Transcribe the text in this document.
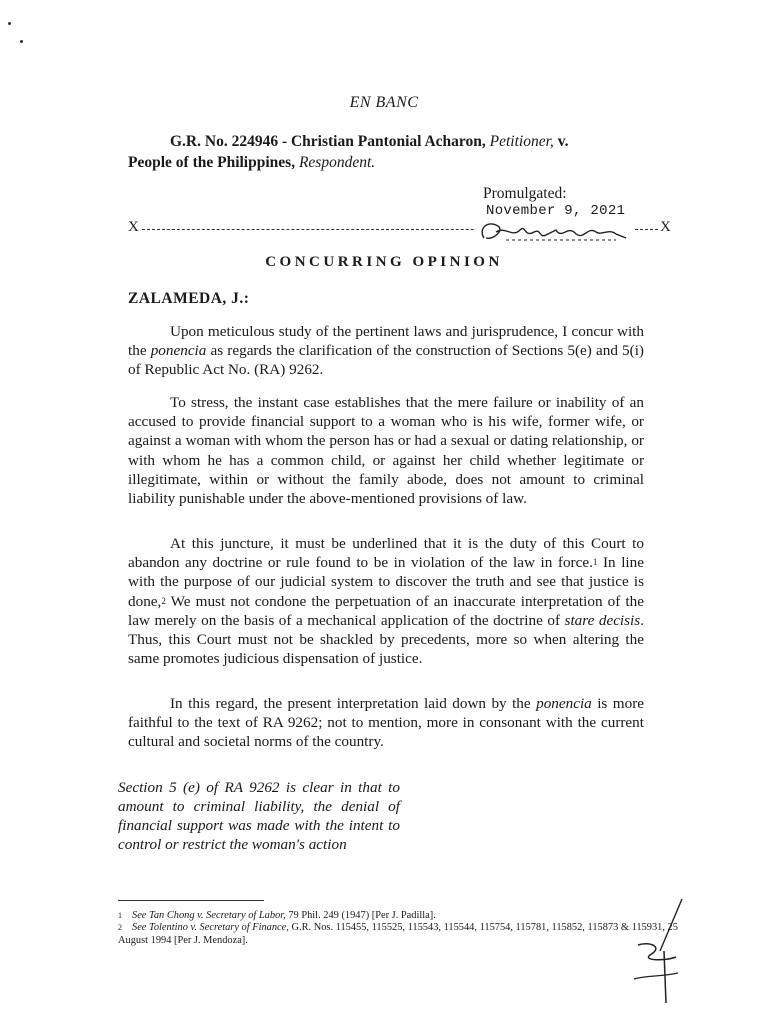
EN BANC
G.R. No. 224946 - Christian Pantonial Acharon, Petitioner, v.
People of the Philippines, Respondent.
Promulgated:
November 9, 2021
X	X
CONCURRING OPINION
ZALAMEDA, J.:
Upon meticulous study of the pertinent laws and jurisprudence, I concur with the ponencia as regards the clarification of the construction of Sections 5(e) and 5(i) of Republic Act No. (RA) 9262.
To stress, the instant case establishes that the mere failure or inability of an accused to provide financial support to a woman who is his wife, former wife, or against a woman with whom the person has or had a sexual or dating relationship, or with whom he has a common child, or against her child whether legitimate or illegitimate, within or without the family abode, does not amount to criminal liability punishable under the above-mentioned provisions of law.
At this juncture, it must be underlined that it is the duty of this Court to abandon any doctrine or rule found to be in violation of the law in force.$^1$ In line with the purpose of our judicial system to discover the truth and see that justice is done,$^2$ We must not condone the perpetuation of an inaccurate interpretation of the law merely on the basis of a mechanical application of the doctrine of stare decisis. Thus, this Court must not be shackled by precedents, more so when altering the same promotes judicious dispensation of justice.
In this regard, the present interpretation laid down by the ponencia is more faithful to the text of RA 9262; not to mention, more in consonant with the current cultural and societal norms of the country.
Section 5 (e) of RA 9262 is clear in that to amount to criminal liability, the denial of financial support was made with the intent to control or restrict the woman's action
$^1$ See Tan Chong v. Secretary of Labor, 79 Phil. 249 (1947) [Per J. Padilla].
$^2$ See Tolentino v. Secretary of Finance, G.R. Nos. 115455, 115525, 115543, 115544, 115754, 115781, 115852, 115873 & 115931, 25 August 1994 [Per J. Mendoza].
